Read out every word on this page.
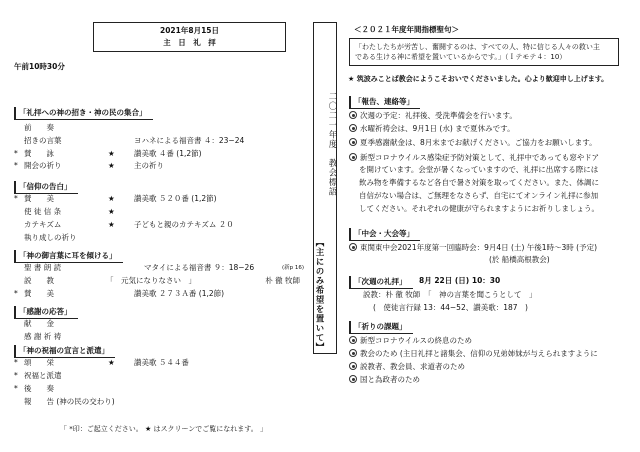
2021年8月15日
主　日　礼　拝
午前10時30分
「礼拝への神の招き・神の民の集合」
前　　奏
招きの言葉	ヨハネによる福音書 ４：23−24
* 賛　　詠	★	讃美歌 ４番 (1,2節)
* 開会の祈り	★	主の祈り
「信仰の告白」
* 賛　　美	★	讃美歌 ５２０番 (1,2節)
使 徒 信 条	★
カテキズム	★	子どもと親のカテキズム ２０
執り成しの祈り
「神の御言葉に耳を傾ける」
聖 書 朗 読	マタイによる福音書 ９：18−26	(新p 16)
説　　教	「　元気になりなさい　」	朴 徹 牧師
* 賛　　美	讃美歌 ２７３Ａ番 (1,2節)
「感謝の応答」
献　　金
感 謝 祈 祷
「神の祝福の宣言と派遣」
* 頌　　栄	★	讃美歌 ５４４番
* 祝福と派遣
* 後　　奏
報　　告 (神の民の交わり)
「 *印：ご起立ください。 ★ はスクリーンでご覧になれます。 」
二〇二一年度　教会標語
【主にのみ希望を置いて】
＜２０２１年度年間指標聖句＞
「わたしたちが労苦し、奮闘するのは、すべての人、特に信じる人々の救い主
である生ける神に希望を置いているからです。」（Ｉテモテ４：10）
★ 筑波みことば教会にようこそおいでくださいました。心より歓迎申し上げます。
「報告、連絡等」
次週の予定：礼拝後、受洗準備会を行います。
水曜祈祷会は、9月1日 (水) まで夏休みです。
夏季感謝献金は、8月末までお献げください。ご協力をお願いします。
新型コロナウイルス感染症予防対策として、礼拝中であっても窓やドア
を開けています。会堂が暑くなっていますので、礼拝に出席する際には
飲み物を準備するなど各自で暑さ対策を取ってください。また、体調に
自信がない場合は、ご無理をなさらず、自宅にてオンライン礼拝に参加
してください。それぞれの健康が守られますようにお祈りしましょう。
「中会・大会等」
東関東中会2021年度第一回臨時会：9月4日 (土) 午後1時〜3時 (予定)
(於 船橋高根教会)
「次週の礼拝」	8月 22日 (日) 10：30
説教：朴 徹 牧師　「　神の言葉を聞こうとして　」
(　使徒言行録 13：44−52、讃美歌：187　)
「祈りの課題」
新型コロナウイルスの終息のため
教会のため (主日礼拝と諸集会、信仰の兄弟姉妹が与えられますように
説教者、教会員、求道者のため
国と為政者のため
